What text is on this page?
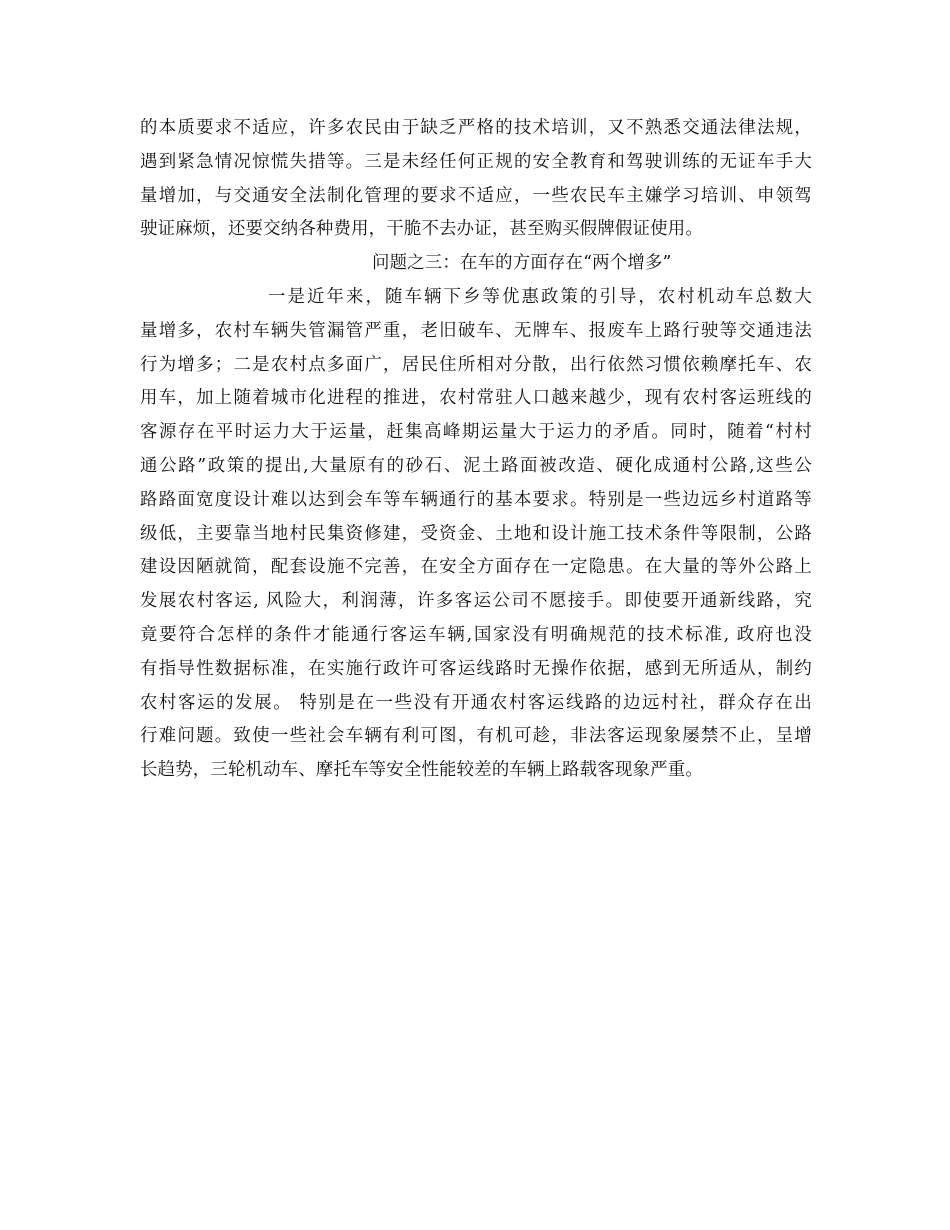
的本质要求不适应，许多农民由于缺乏严格的技术培训，又不熟悉交通法律法规，
遇到紧急情况惊慌失措等。三是未经任何正规的安全教育和驾驶训练的无证车手大
量增加，与交通安全法制化管理的要求不适应，一些农民车主嫌学习培训、申领驾
驶证麻烦，还要交纳各种费用，干脆不去办证，甚至购买假牌假证使用。
问题之三：在车的方面存在“两个增多”
一是近年来，随车辆下乡等优惠政策的引导，农村机动车总数大
量增多，农村车辆失管漏管严重，老旧破车、无牌车、报废车上路行驶等交通违法
行为增多；二是农村点多面广，居民住所相对分散，出行依然习惯依赖摩托车、农
用车，加上随着城市化进程的推进，农村常驻人口越来越少，现有农村客运班线的
客源存在平时运力大于运量，赶集高峰期运量大于运力的矛盾。同时，随着“村村
通公路”政策的提出,大量原有的砂石、泥土路面被改造、硬化成通村公路,这些公
路路面宽度设计难以达到会车等车辆通行的基本要求。特别是一些边远乡村道路等
级低，主要靠当地村民集资修建，受资金、土地和设计施工技术条件等限制，公路
建设因陋就简，配套设施不完善，在安全方面存在一定隐患。在大量的等外公路上
发展农村客运, 风险大，利润薄，许多客运公司不愿接手。即使要开通新线路，究
竟要符合怎样的条件才能通行客运车辆,国家没有明确规范的技术标准, 政府也没
有指导性数据标准，在实施行政许可客运线路时无操作依据，感到无所适从，制约
农村客运的发展。 特别是在一些没有开通农村客运线路的边远村社，群众存在出
行难问题。致使一些社会车辆有利可图，有机可趁，非法客运现象屡禁不止，呈增
长趋势，三轮机动车、摩托车等安全性能较差的车辆上路载客现象严重。
